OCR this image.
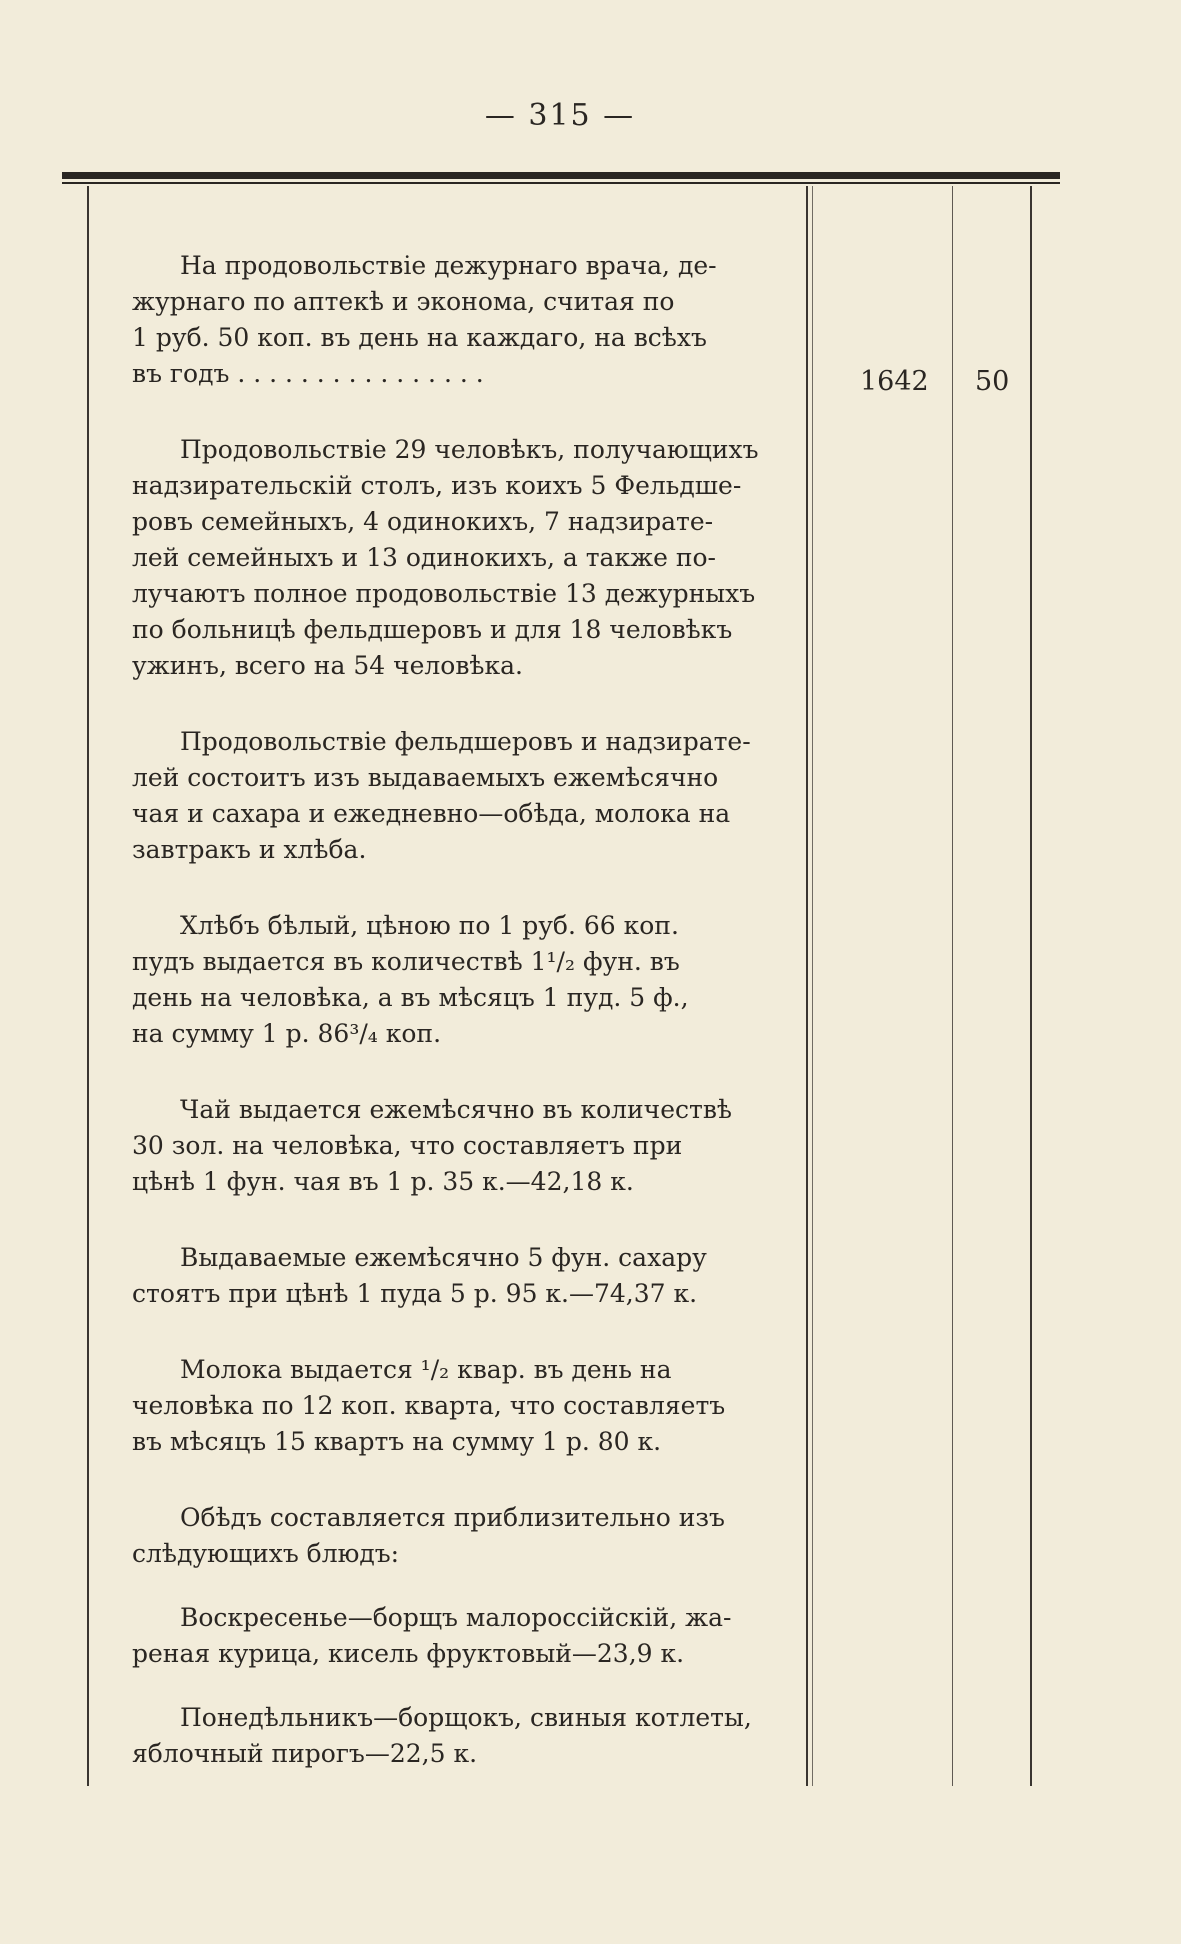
— 315 —

На продовольствіе дежурнаго врача, де-
журнаго по аптекѣ и эконома, считая по
1 руб. 50 коп. въ день на каждаго, на всѣхъ
въ годъ . . . . . . . . . . . . . . . .

Продовольствіе 29 человѣкъ, получающихъ
надзирательскій столъ, изъ коихъ 5 Фельдше-
ровъ семейныхъ, 4 одинокихъ, 7 надзирате-
лей семейныхъ и 13 одинокихъ, а также по-
лучаютъ полное продовольствіе 13 дежурныхъ
по больницѣ фельдшеровъ и для 18 человѣкъ
ужинъ, всего на 54 человѣка.

Продовольствіе фельдшеровъ и надзирате-
лей состоитъ изъ выдаваемыхъ ежемѣсячно
чая и сахара и ежедневно—обѣда, молока на
завтракъ и хлѣба.

Хлѣбъ бѣлый, цѣною по 1 руб. 66 коп.
пудъ выдается въ количествѣ 1¹/₂ фун. въ
день на человѣка, а въ мѣсяцъ 1 пуд. 5 ф.,
на сумму 1 р. 86³/₄ коп.

Чай выдается ежемѣсячно въ количествѣ
30 зол. на человѣка, что составляетъ при
цѣнѣ 1 фун. чая въ 1 р. 35 к.—42,18 к.

Выдаваемые ежемѣсячно 5 фун. сахару
стоятъ при цѣнѣ 1 пуда 5 р. 95 к.—74,37 к.

Молока выдается ¹/₂ квар. въ день на
человѣка по 12 коп. кварта, что составляетъ
въ мѣсяцъ 15 квартъ на сумму 1 р. 80 к.

Обѣдъ составляется приблизительно изъ
слѣдующихъ блюдъ:

Воскресенье—борщъ малороссійскій, жа-
реная курица, кисель фруктовый—23,9 к.

Понедѣльникъ—борщокъ, свиныя котлеты,
яблочный пирогъ—22,5 к.

1642 50
